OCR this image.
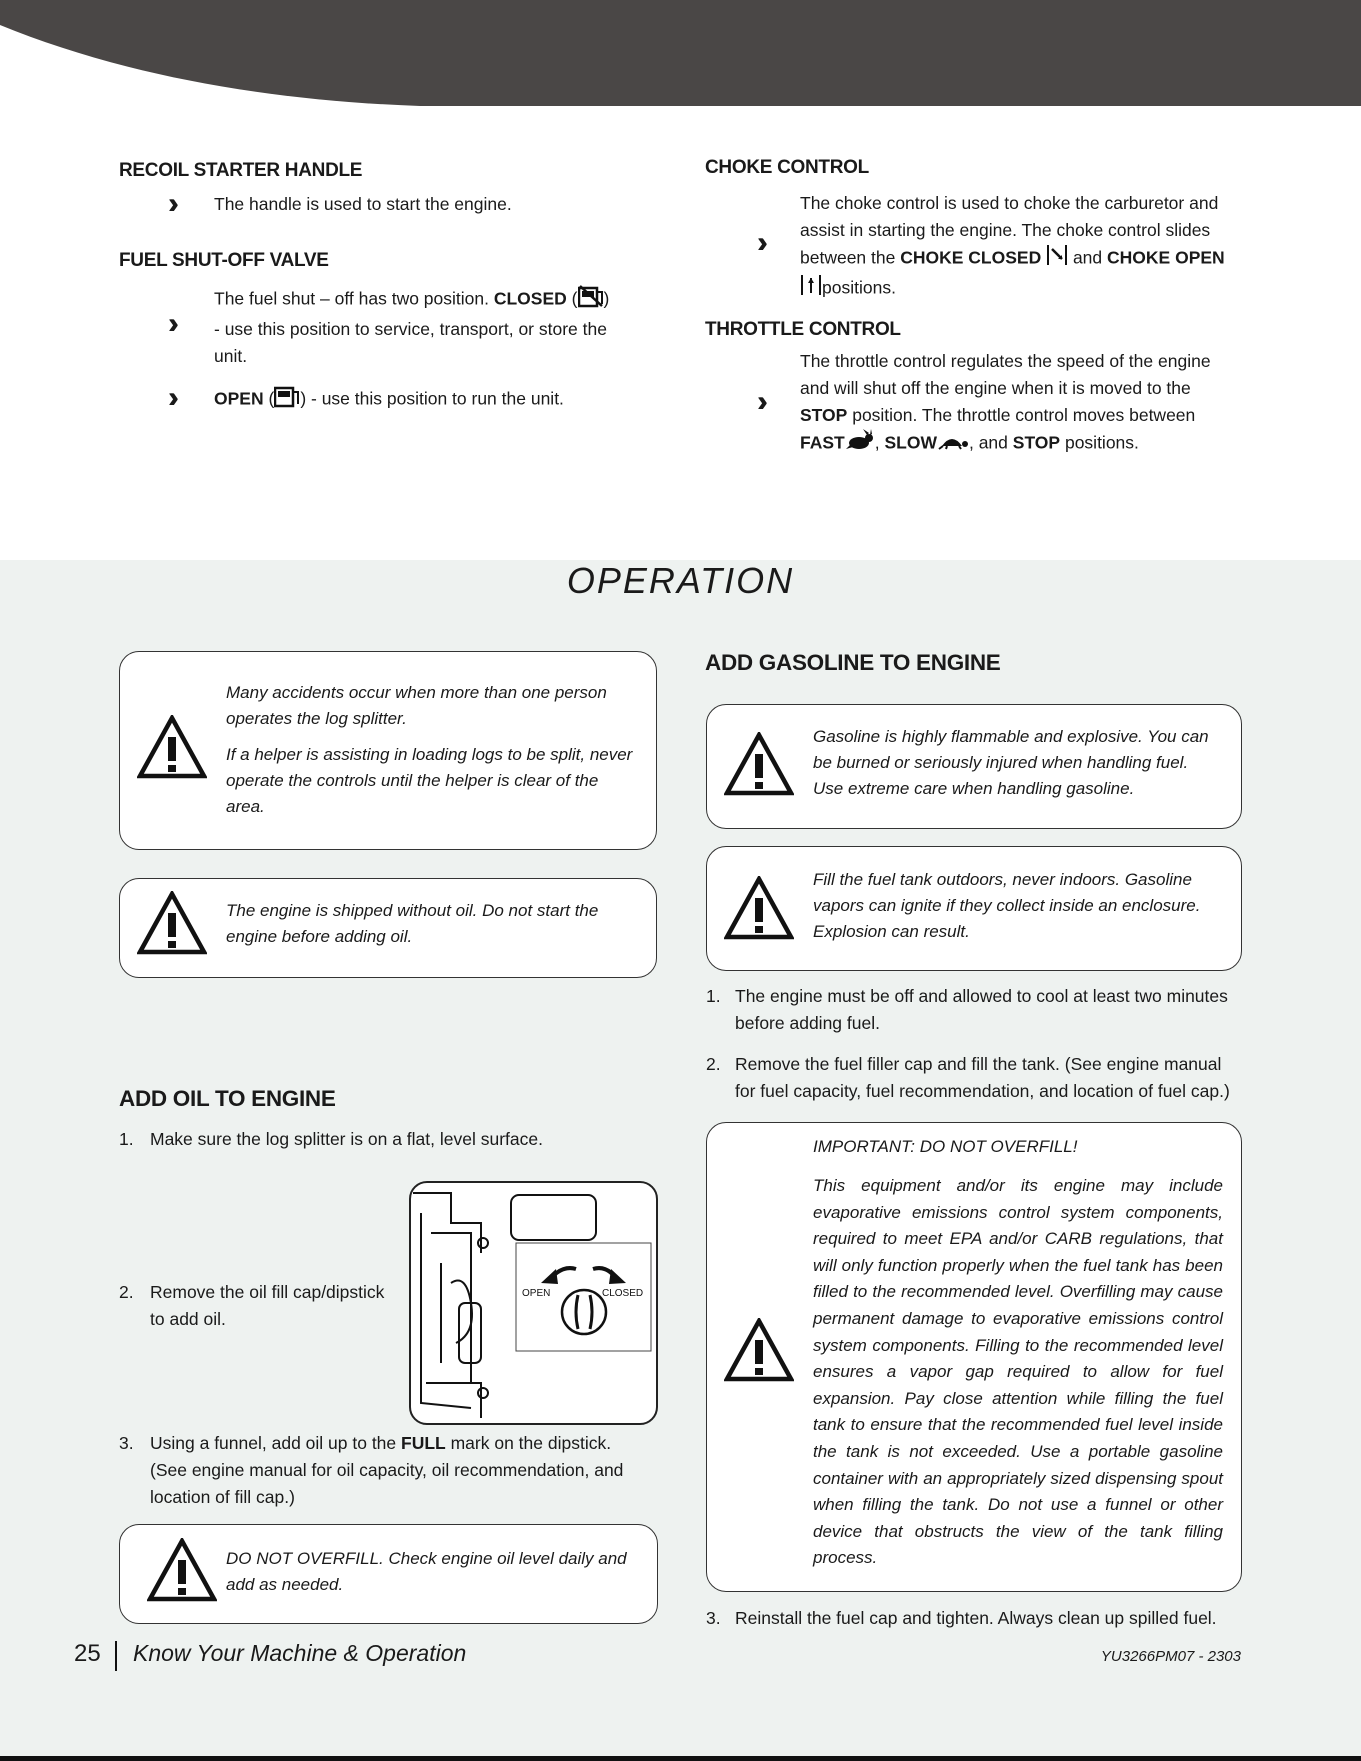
RECOIL STARTER HANDLE
››	The handle is used to start the engine.
FUEL SHUT-OFF VALVE
The fuel shut – off has two position. CLOSED ( )
- use this position to service, transport, or store the
unit.
››
››	OPEN ( ) - use this position to run the unit.
CHOKE CONTROL
››
The choke control is used to choke the carburetor and
assist in starting the engine. The choke control slides
between the CHOKE CLOSED and CHOKE OPEN
positions.
THROTTLE CONTROL
››
The throttle control regulates the speed of the engine
and will shut off the engine when it is moved to the
STOP position. The throttle control moves between
FAST , SLOW , and STOP positions.
OPERATION
Many accidents occur when more than one person operates the log splitter.
If a helper is assisting in loading logs to be split, never operate the controls until the helper is clear of the area.
The engine is shipped without oil. Do not start the engine before adding oil.
ADD OIL TO ENGINE
1. Make sure the log splitter is on a flat, level surface.
2. Remove the oil fill cap/dipstick
to add oil.
OPEN	CLOSED
3. Using a funnel, add oil up to the FULL mark on the dipstick.
(See engine manual for oil capacity, oil recommendation, and
location of fill cap.)
DO NOT OVERFILL. Check engine oil level daily and add as needed.
ADD GASOLINE TO ENGINE
Gasoline is highly flammable and explosive. You can be burned or seriously injured when handling fuel. Use extreme care when handling gasoline.
Fill the fuel tank outdoors, never indoors. Gasoline vapors can ignite if they collect inside an enclosure. Explosion can result.
1. The engine must be off and allowed to cool at least two minutes
before adding fuel.
2. Remove the fuel filler cap and fill the tank. (See engine manual
for fuel capacity, fuel recommendation, and location of fuel cap.)
IMPORTANT: DO NOT OVERFILL!
This equipment and/or its engine may include evaporative emissions control system components, required to meet EPA and/or CARB regulations, that will only function properly when the fuel tank has been filled to the recommended level. Overfilling may cause permanent damage to evaporative emissions control system components. Filling to the recommended level ensures a vapor gap required to allow for fuel expansion. Pay close attention while filling the fuel tank to ensure that the recommended fuel level inside the tank is not exceeded. Use a portable gasoline container with an appropriately sized dispensing spout when filling the tank. Do not use a funnel or other device that obstructs the view of the tank filling process.
3. Reinstall the fuel cap and tighten. Always clean up spilled fuel.
25 Know Your Machine & Operation	YU3266PM07 - 2303
